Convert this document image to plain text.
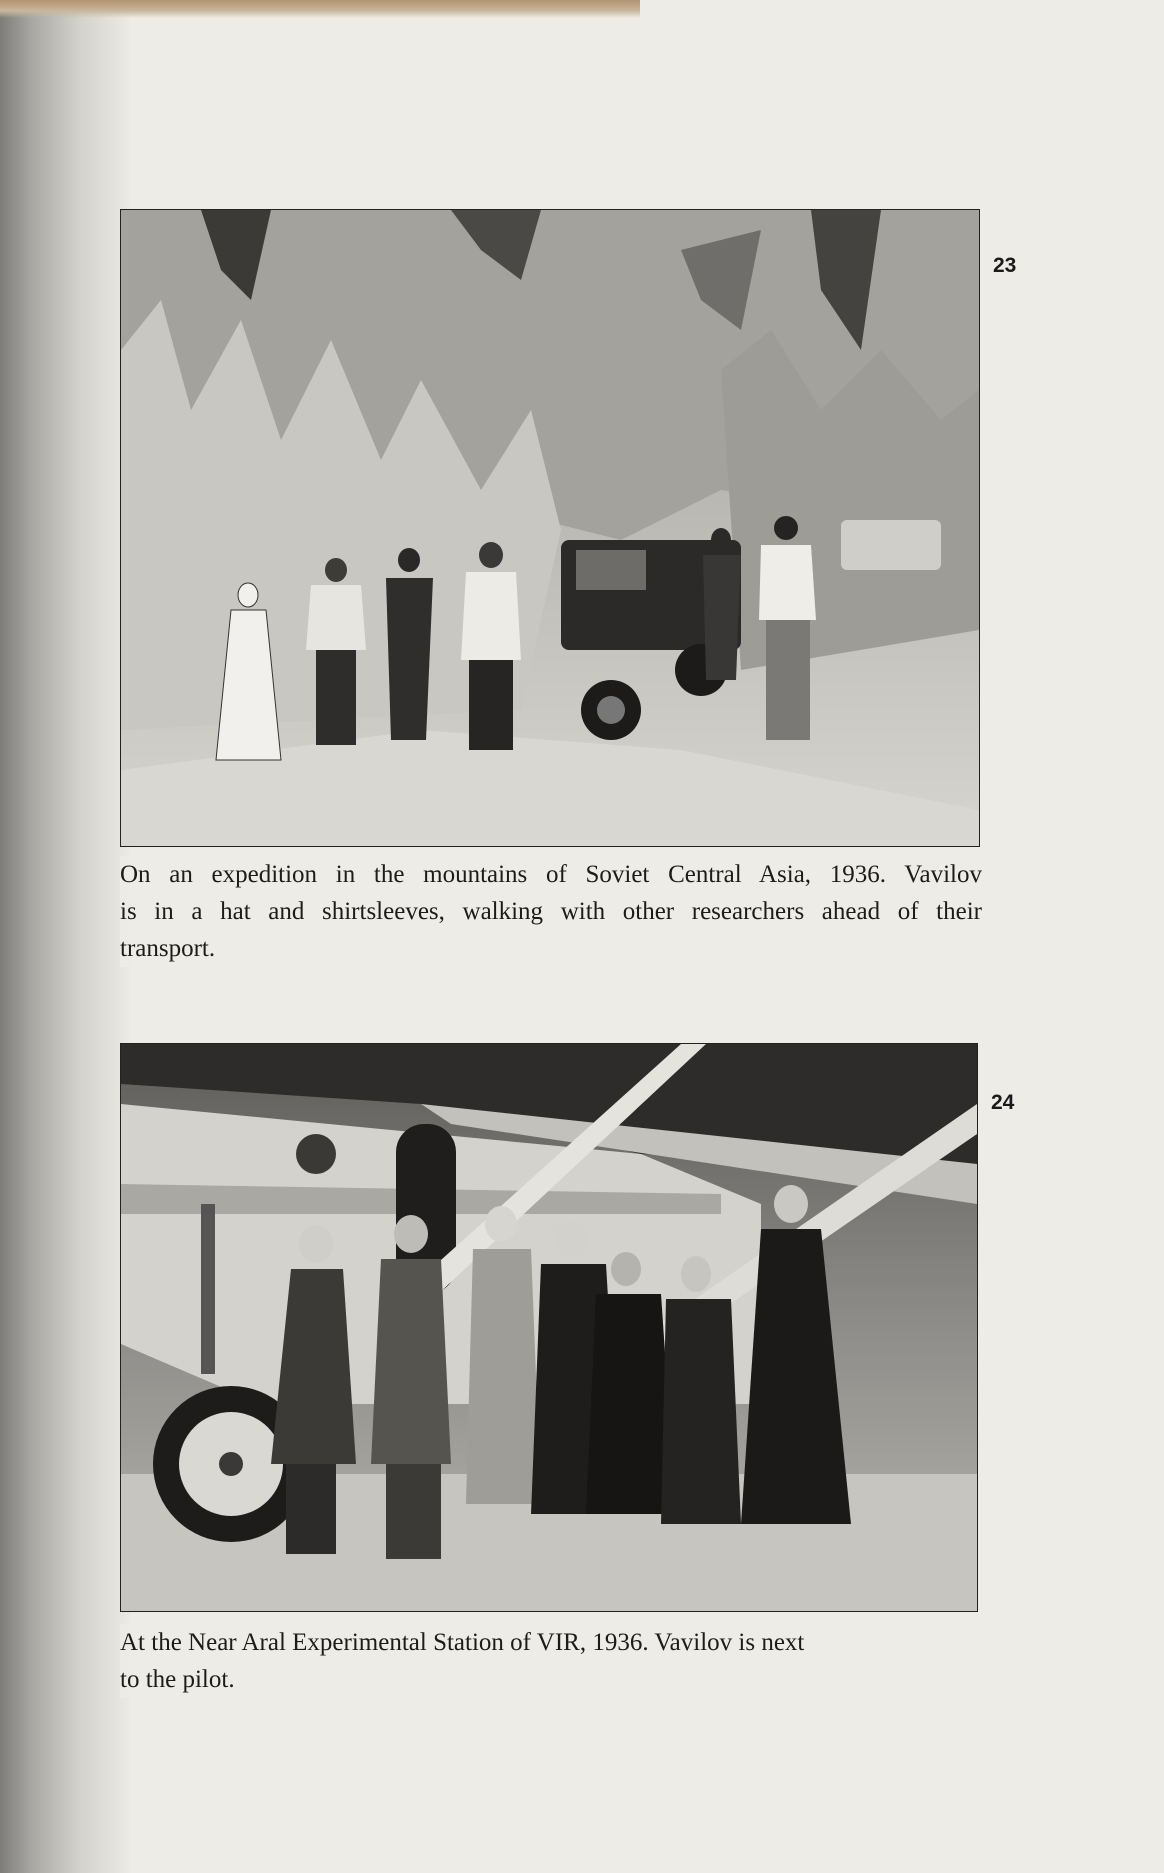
23
On an expedition in the mountains of Soviet Central Asia, 1936. Vavilov
is in a hat and shirtsleeves, walking with other researchers ahead of their
transport.
24
At the Near Aral Experimental Station of VIR, 1936. Vavilov is next
to the pilot.
